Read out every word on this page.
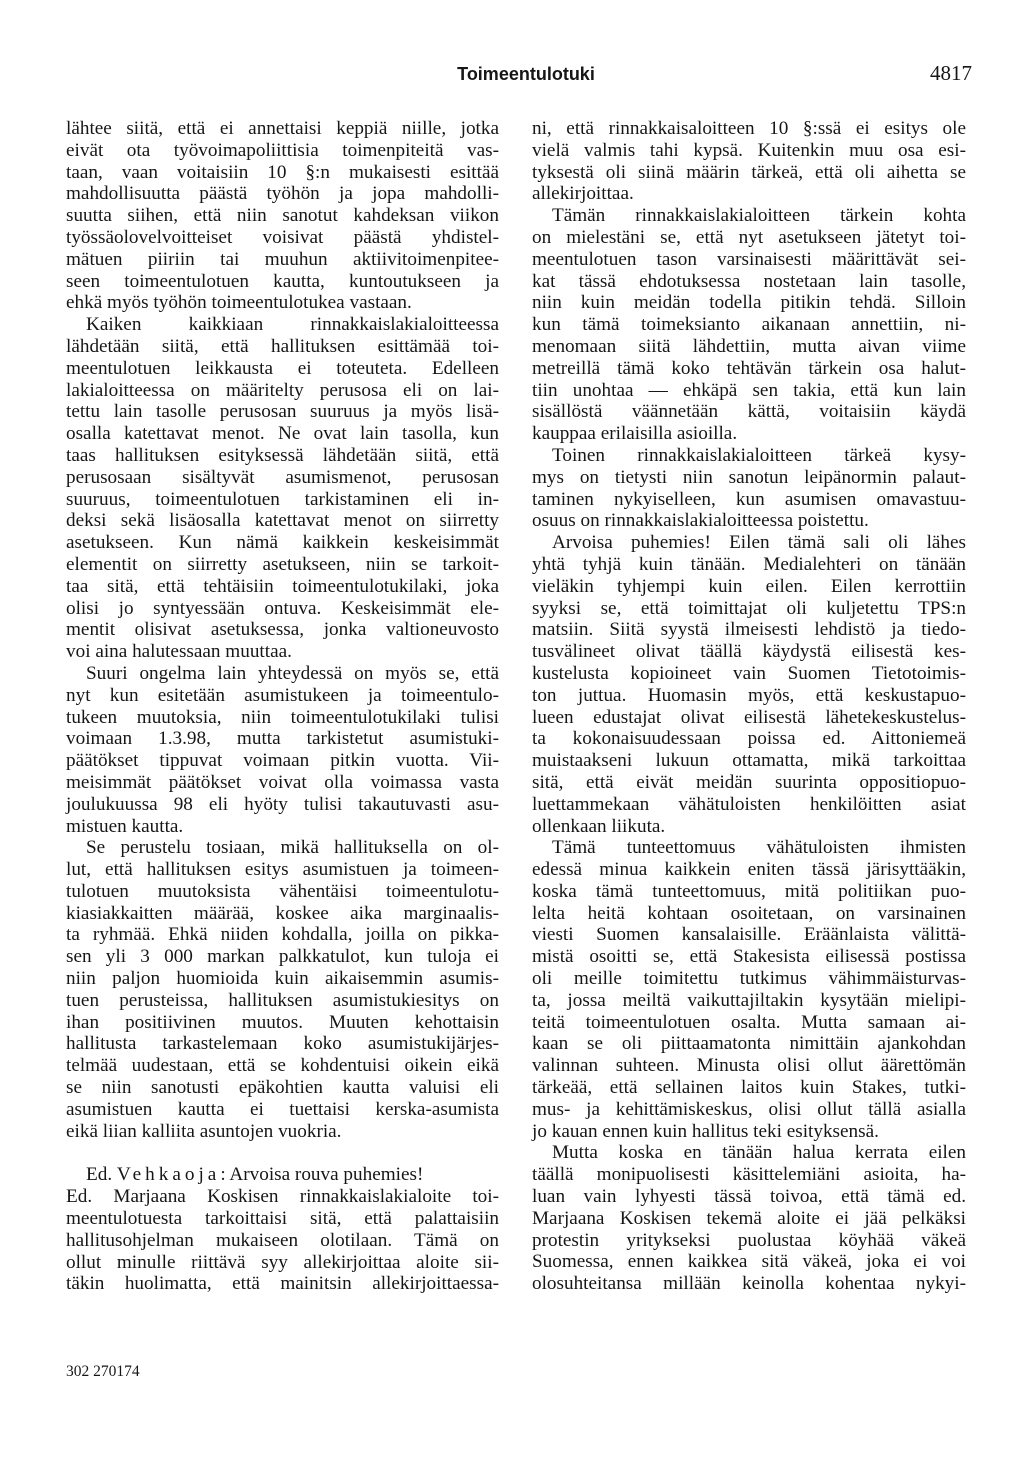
Toimeentulotuki	4817
lähtee siitä, että ei annettaisi keppiä niille, jotka
eivät ota työvoimapoliittisia toimenpiteitä vas-
taan, vaan voitaisiin 10 §:n mukaisesti esittää
mahdollisuutta päästä työhön ja jopa mahdolli-
suutta siihen, että niin sanotut kahdeksan viikon
työssäolovelvoitteiset voisivat päästä yhdistel-
mätuen piiriin tai muuhun aktiivitoimenpitee-
seen toimeentulotuen kautta, kuntoutukseen ja
ehkä myös työhön toimeentulotukea vastaan.
Kaiken kaikkiaan rinnakkaislakialoitteessa
lähdetään siitä, että hallituksen esittämää toi-
meentulotuen leikkausta ei toteuteta. Edelleen
lakialoitteessa on määritelty perusosa eli on lai-
tettu lain tasolle perusosan suuruus ja myös lisä-
osalla katettavat menot. Ne ovat lain tasolla, kun
taas hallituksen esityksessä lähdetään siitä, että
perusosaan sisältyvät asumismenot, perusosan
suuruus, toimeentulotuen tarkistaminen eli in-
deksi sekä lisäosalla katettavat menot on siirretty
asetukseen. Kun nämä kaikkein keskeisimmät
elementit on siirretty asetukseen, niin se tarkoit-
taa sitä, että tehtäisiin toimeentulotukilaki, joka
olisi jo syntyessään ontuva. Keskeisimmät ele-
mentit olisivat asetuksessa, jonka valtioneuvosto
voi aina halutessaan muuttaa.
Suuri ongelma lain yhteydessä on myös se, että
nyt kun esitetään asumistukeen ja toimeentulo-
tukeen muutoksia, niin toimeentulotukilaki tulisi
voimaan 1.3.98, mutta tarkistetut asumistuki-
päätökset tippuvat voimaan pitkin vuotta. Vii-
meisimmät päätökset voivat olla voimassa vasta
joulukuussa 98 eli hyöty tulisi takautuvasti asu-
mistuen kautta.
Se perustelu tosiaan, mikä hallituksella on ol-
lut, että hallituksen esitys asumistuen ja toimeen-
tulotuen muutoksista vähentäisi toimeentulotu-
kiasiakkaitten määrää, koskee aika marginaalis-
ta ryhmää. Ehkä niiden kohdalla, joilla on pikka-
sen yli 3 000 markan palkkatulot, kun tuloja ei
niin paljon huomioida kuin aikaisemmin asumis-
tuen perusteissa, hallituksen asumistukiesitys on
ihan positiivinen muutos. Muuten kehottaisin
hallitusta tarkastelemaan koko asumistukijärjes-
telmää uudestaan, että se kohdentuisi oikein eikä
se niin sanotusti epäkohtien kautta valuisi eli
asumistuen kautta ei tuettaisi kerska-asumista
eikä liian kalliita asuntojen vuokria.
Ed. Vehkaoja: Arvoisa rouva puhemies!
Ed. Marjaana Koskisen rinnakkaislakialoite toi-
meentulotuesta tarkoittaisi sitä, että palattaisiin
hallitusohjelman mukaiseen olotilaan. Tämä on
ollut minulle riittävä syy allekirjoittaa aloite sii-
täkin huolimatta, että mainitsin allekirjoittaessa-
ni, että rinnakkaisaloitteen 10 §:ssä ei esitys ole
vielä valmis tahi kypsä. Kuitenkin muu osa esi-
tyksestä oli siinä määrin tärkeä, että oli aihetta se
allekirjoittaa.
Tämän rinnakkaislakialoitteen tärkein kohta
on mielestäni se, että nyt asetukseen jätetyt toi-
meentulotuen tason varsinaisesti määrittävät sei-
kat tässä ehdotuksessa nostetaan lain tasolle,
niin kuin meidän todella pitikin tehdä. Silloin
kun tämä toimeksianto aikanaan annettiin, ni-
menomaan siitä lähdettiin, mutta aivan viime
metreillä tämä koko tehtävän tärkein osa halut-
tiin unohtaa — ehkäpä sen takia, että kun lain
sisällöstä väännetään kättä, voitaisiin käydä
kauppaa erilaisilla asioilla.
Toinen rinnakkaislakialoitteen tärkeä kysy-
mys on tietysti niin sanotun leipänormin palaut-
taminen nykyiselleen, kun asumisen omavastuu-
osuus on rinnakkaislakialoitteessa poistettu.
Arvoisa puhemies! Eilen tämä sali oli lähes
yhtä tyhjä kuin tänään. Medialehteri on tänään
vieläkin tyhjempi kuin eilen. Eilen kerrottiin
syyksi se, että toimittajat oli kuljetettu TPS:n
matsiin. Siitä syystä ilmeisesti lehdistö ja tiedo-
tusvälineet olivat täällä käydystä eilisestä kes-
kustelusta kopioineet vain Suomen Tietotoimis-
ton juttua. Huomasin myös, että keskustapuo-
lueen edustajat olivat eilisestä lähetekeskustelus-
ta kokonaisuudessaan poissa ed. Aittoniemeä
muistaakseni lukuun ottamatta, mikä tarkoittaa
sitä, että eivät meidän suurinta oppositiopuo-
luettammekaan vähätuloisten henkilöitten asiat
ollenkaan liikuta.
Tämä tunteettomuus vähätuloisten ihmisten
edessä minua kaikkein eniten tässä järisyttääkin,
koska tämä tunteettomuus, mitä politiikan puo-
lelta heitä kohtaan osoitetaan, on varsinainen
viesti Suomen kansalaisille. Eräänlaista välittä-
mistä osoitti se, että Stakesista eilisessä postissa
oli meille toimitettu tutkimus vähimmäisturvas-
ta, jossa meiltä vaikuttajiltakin kysytään mielipi-
teitä toimeentulotuen osalta. Mutta samaan ai-
kaan se oli piittaamatonta nimittäin ajankohdan
valinnan suhteen. Minusta olisi ollut äärettömän
tärkeää, että sellainen laitos kuin Stakes, tutki-
mus- ja kehittämiskeskus, olisi ollut tällä asialla
jo kauan ennen kuin hallitus teki esityksensä.
Mutta koska en tänään halua kerrata eilen
täällä monipuolisesti käsittelemiäni asioita, ha-
luan vain lyhyesti tässä toivoa, että tämä ed.
Marjaana Koskisen tekemä aloite ei jää pelkäksi
protestin yritykseksi puolustaa köyhää väkeä
Suomessa, ennen kaikkea sitä väkeä, joka ei voi
olosuhteitansa millään keinolla kohentaa nykyi-
302 270174
